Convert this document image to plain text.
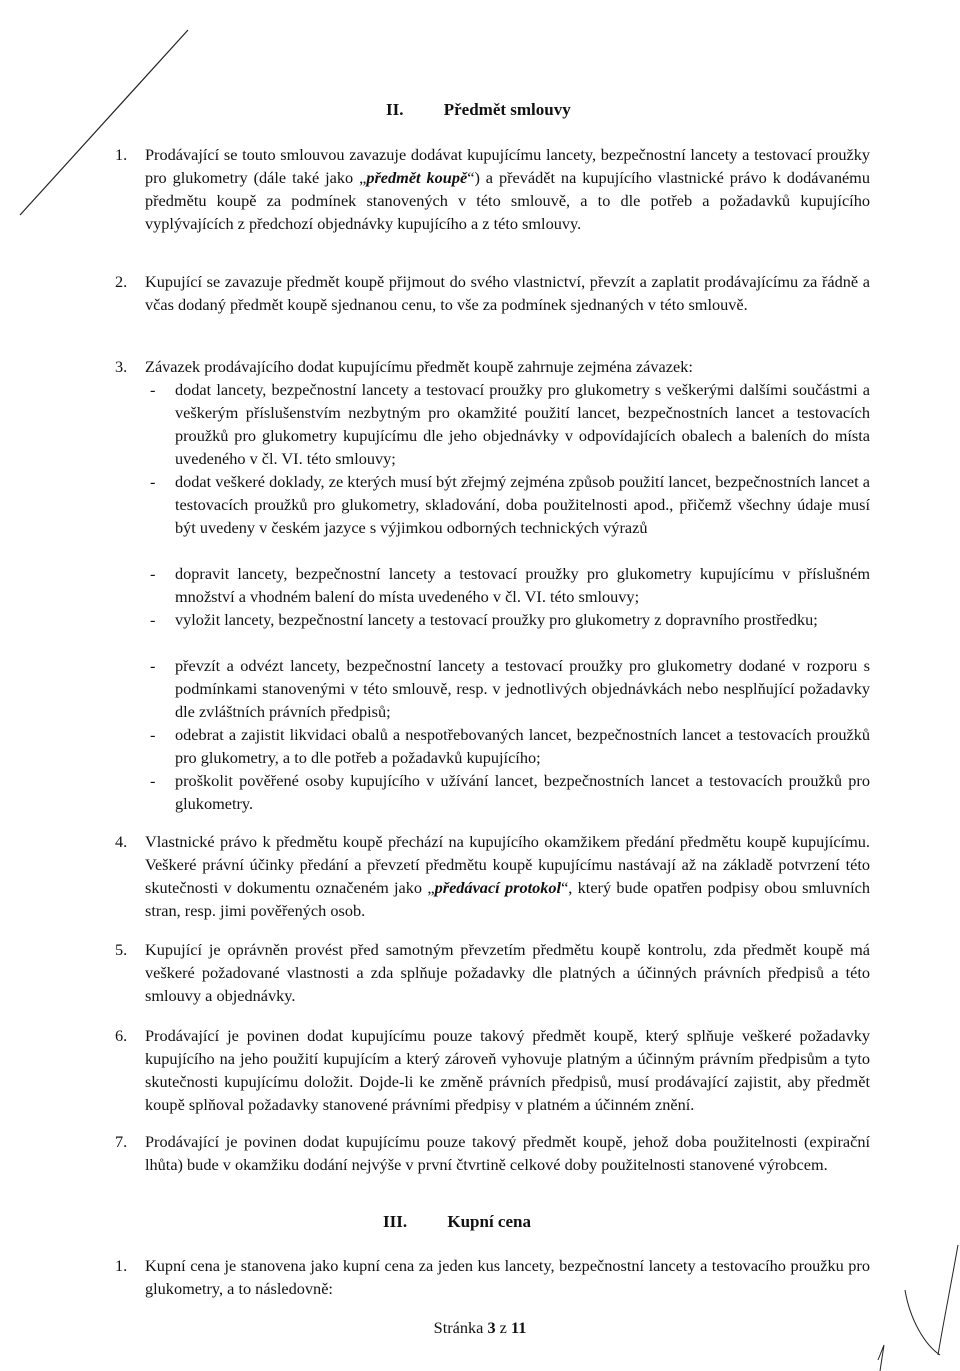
II. Předmět smlouvy
1. Prodávající se touto smlouvou zavazuje dodávat kupujícímu lancety, bezpečnostní lancety a testovací proužky pro glukometry (dále také jako „předmět koupě“) a převádět na kupujícího vlastnické právo k dodávanému předmětu koupě za podmínek stanovených v této smlouvě, a to dle potřeb a požadavků kupujícího vyplývajících z předchozí objednávky kupujícího a z této smlouvy.
2. Kupující se zavazuje předmět koupě přijmout do svého vlastnictví, převzít a zaplatit prodávajícímu za řádně a včas dodaný předmět koupě sjednanou cenu, to vše za podmínek sjednaných v této smlouvě.
3. Závazek prodávajícího dodat kupujícímu předmět koupě zahrnuje zejména závazek:
- dodat lancety, bezpečnostní lancety a testovací proužky pro glukometry s veškerými dalšími součástmi a veškerým příslušenstvím nezbytným pro okamžité použití lancet, bezpečnostních lancet a testovacích proužků pro glukometry kupujícímu dle jeho objednávky v odpovídajících obalech a baleních do místa uvedeného v čl. VI. této smlouvy;
- dodat veškeré doklady, ze kterých musí být zřejmý zejména způsob použití lancet, bezpečnostních lancet a testovacích proužků pro glukometry, skladování, doba použitelnosti apod., přičemž všechny údaje musí být uvedeny v českém jazyce s výjimkou odborných technických výrazů
- dopravit lancety, bezpečnostní lancety a testovací proužky pro glukometry kupujícímu v příslušném množství a vhodném balení do místa uvedeného v čl. VI. této smlouvy;
- vyložit lancety, bezpečnostní lancety a testovací proužky pro glukometry z dopravního prostředku;
- převzít a odvézt lancety, bezpečnostní lancety a testovací proužky pro glukometry dodané v rozporu s podmínkami stanovenými v této smlouvě, resp. v jednotlivých objednávkách nebo nesplňující požadavky dle zvláštních právních předpisů;
- odebrat a zajistit likvidaci obalů a nespotřebovaných lancet, bezpečnostních lancet a testovacích proužků pro glukometry, a to dle potřeb a požadavků kupujícího;
- proškolit pověřené osoby kupujícího v užívání lancet, bezpečnostních lancet a testovacích proužků pro glukometry.
4. Vlastnické právo k předmětu koupě přechází na kupujícího okamžikem předání předmětu koupě kupujícímu. Veškeré právní účinky předání a převzetí předmětu koupě kupujícímu nastávají až na základě potvrzení této skutečnosti v dokumentu označeném jako „předávací protokol“, který bude opatřen podpisy obou smluvních stran, resp. jimi pověřených osob.
5. Kupující je oprávněn provést před samotným převzetím předmětu koupě kontrolu, zda předmět koupě má veškeré požadované vlastnosti a zda splňuje požadavky dle platných a účinných právních předpisů a této smlouvy a objednávky.
6. Prodávající je povinen dodat kupujícímu pouze takový předmět koupě, který splňuje veškeré požadavky kupujícího na jeho použití kupujícím a který zároveň vyhovuje platným a účinným právním předpisům a tyto skutečnosti kupujícímu doložit. Dojde-li ke změně právních předpisů, musí prodávající zajistit, aby předmět koupě splňoval požadavky stanovené právními předpisy v platném a účinném znění.
7. Prodávající je povinen dodat kupujícímu pouze takový předmět koupě, jehož doba použitelnosti (expirační lhůta) bude v okamžiku dodání nejvýše v první čtvrtině celkové doby použitelnosti stanovené výrobcem.
III. Kupní cena
1. Kupní cena je stanovena jako kupní cena za jeden kus lancety, bezpečnostní lancety a testovacího proužku pro glukometry, a to následovně:
Stránka 3 z 11
